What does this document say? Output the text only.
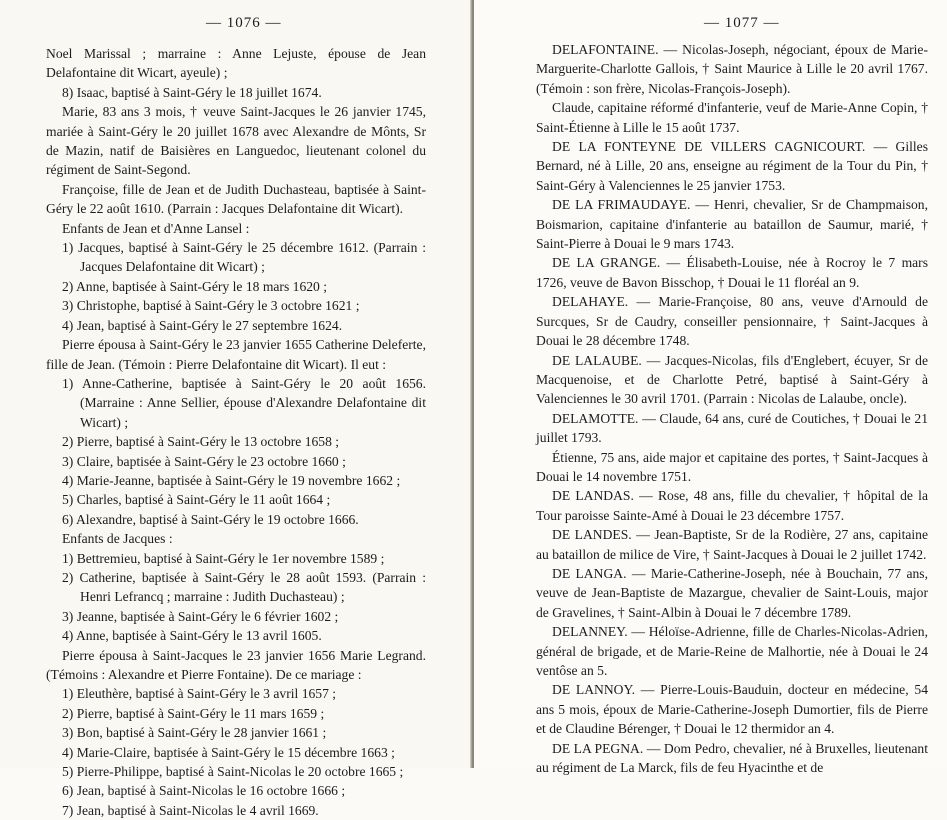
— 1076 —

Noel Marissal ; marraine : Anne Lejuste, épouse de Jean Delafontaine dit Wicart, ayeule) ;

8) Isaac, baptisé à Saint-Géry le 18 juillet 1674.

Marie, 83 ans 3 mois, † veuve Saint-Jacques le 26 janvier 1745, mariée à Saint-Géry le 20 juillet 1678 avec Alexandre de Mônts, Sr de Mazin, natif de Baisières en Languedoc, lieutenant colonel du régiment de Saint-Segond.

Françoise, fille de Jean et de Judith Duchasteau, baptisée à Saint-Géry le 22 août 1610. (Parrain : Jacques Delafontaine dit Wicart).

Enfants de Jean et d'Anne Lansel :

1) Jacques, baptisé à Saint-Géry le 25 décembre 1612. (Parrain : Jacques Delafontaine dit Wicart) ;

2) Anne, baptisée à Saint-Géry le 18 mars 1620 ;

3) Christophe, baptisé à Saint-Géry le 3 octobre 1621 ;

4) Jean, baptisé à Saint-Géry le 27 septembre 1624.

Pierre épousa à Saint-Géry le 23 janvier 1655 Catherine Deleferte, fille de Jean. (Témoin : Pierre Delafontaine dit Wicart). Il eut :

1) Anne-Catherine, baptisée à Saint-Géry le 20 août 1656. (Marraine : Anne Sellier, épouse d'Alexandre Delafontaine dit Wicart) ;

2) Pierre, baptisé à Saint-Géry le 13 octobre 1658 ;

3) Claire, baptisée à Saint-Géry le 23 octobre 1660 ;

4) Marie-Jeanne, baptisée à Saint-Géry le 19 novembre 1662 ;

5) Charles, baptisé à Saint-Géry le 11 août 1664 ;

6) Alexandre, baptisé à Saint-Géry le 19 octobre 1666.

Enfants de Jacques :

1) Bettremieu, baptisé à Saint-Géry le 1er novembre 1589 ;

2) Catherine, baptisée à Saint-Géry le 28 août 1593. (Parrain : Henri Lefrancq ; marraine : Judith Duchasteau) ;

3) Jeanne, baptisée à Saint-Géry le 6 février 1602 ;

4) Anne, baptisée à Saint-Géry le 13 avril 1605.

Pierre épousa à Saint-Jacques le 23 janvier 1656 Marie Legrand. (Témoins : Alexandre et Pierre Fontaine). De ce mariage :

1) Eleuthère, baptisé à Saint-Géry le 3 avril 1657 ;

2) Pierre, baptisé à Saint-Géry le 11 mars 1659 ;

3) Bon, baptisé à Saint-Géry le 28 janvier 1661 ;

4) Marie-Claire, baptisée à Saint-Géry le 15 décembre 1663 ;

5) Pierre-Philippe, baptisé à Saint-Nicolas le 20 octobre 1665 ;

6) Jean, baptisé à Saint-Nicolas le 16 octobre 1666 ;

7) Jean, baptisé à Saint-Nicolas le 4 avril 1669.

— 1077 —

DELAFONTAINE. — Nicolas-Joseph, négociant, époux de Marie-Marguerite-Charlotte Gallois, † Saint Maurice à Lille le 20 avril 1767. (Témoin : son frère, Nicolas-François-Joseph).

Claude, capitaine réformé d'infanterie, veuf de Marie-Anne Copin, † Saint-Étienne à Lille le 15 août 1737.

DE LA FONTEYNE DE VILLERS CAGNICOURT. — Gilles Bernard, né à Lille, 20 ans, enseigne au régiment de la Tour du Pin, † Saint-Géry à Valenciennes le 25 janvier 1753.

DE LA FRIMAUDAYE. — Henri, chevalier, Sr de Champmaison, Boismarion, capitaine d'infanterie au bataillon de Saumur, marié, † Saint-Pierre à Douai le 9 mars 1743.

DE LA GRANGE. — Élisabeth-Louise, née à Rocroy le 7 mars 1726, veuve de Bavon Bisschop, † Douai le 11 floréal an 9.

DELAHAYE. — Marie-Françoise, 80 ans, veuve d'Arnould de Surcques, Sr de Caudry, conseiller pensionnaire, † Saint-Jacques à Douai le 28 décembre 1748.

DE LALAUBE. — Jacques-Nicolas, fils d'Englebert, écuyer, Sr de Macquenoise, et de Charlotte Petré, baptisé à Saint-Géry à Valenciennes le 30 avril 1701. (Parrain : Nicolas de Lalaube, oncle).

DELAMOTTE. — Claude, 64 ans, curé de Coutiches, † Douai le 21 juillet 1793.

Étienne, 75 ans, aide major et capitaine des portes, † Saint-Jacques à Douai le 14 novembre 1751.

DE LANDAS. — Rose, 48 ans, fille du chevalier, † hôpital de la Tour paroisse Sainte-Amé à Douai le 23 décembre 1757.

DE LANDES. — Jean-Baptiste, Sr de la Rodière, 27 ans, capitaine au bataillon de milice de Vire, † Saint-Jacques à Douai le 2 juillet 1742.

DE LANGA. — Marie-Catherine-Joseph, née à Bouchain, 77 ans, veuve de Jean-Baptiste de Mazargue, chevalier de Saint-Louis, major de Gravelines, † Saint-Albin à Douai le 7 décembre 1789.

DELANNEY. — Héloïse-Adrienne, fille de Charles-Nicolas-Adrien, général de brigade, et de Marie-Reine de Malhortie, née à Douai le 24 ventôse an 5.

DE LANNOY. — Pierre-Louis-Bauduin, docteur en médecine, 54 ans 5 mois, époux de Marie-Catherine-Joseph Dumortier, fils de Pierre et de Claudine Bérenger, † Douai le 12 thermidor an 4.

DE LA PEGNA. — Dom Pedro, chevalier, né à Bruxelles, lieutenant au régiment de La Marck, fils de feu Hyacinthe et de
